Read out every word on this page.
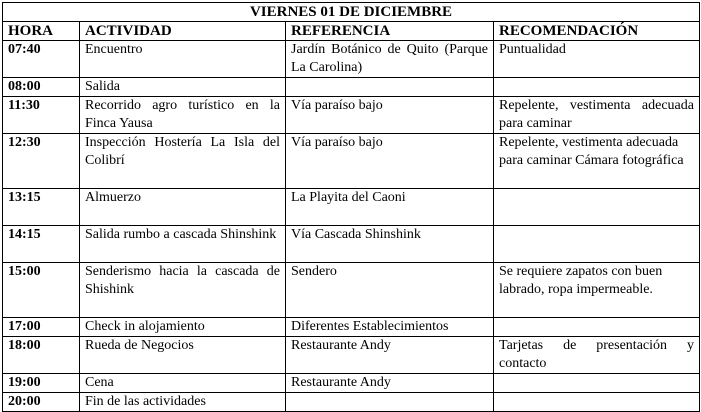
VIERNES 01 DE DICIEMBRE			
HORA	ACTIVIDAD	REFERENCIA	RECOMENDACIÓN
07:40	Encuentro	Jardín Botánico de Quito (Parque La Carolina)	Puntualidad
08:00	Salida		
11:30	Recorrido agro turístico en la Finca Yausa	Vía paraíso bajo	Repelente, vestimenta adecuada para caminar
12:30	Inspección Hostería La Isla del Colibrí	Vía paraíso bajo	Repelente, vestimenta adecuada para caminar Cámara fotográfica
13:15	Almuerzo	La Playita del Caoni	
14:15	Salida rumbo a cascada Shinshink	Vía Cascada Shinshink	
15:00	Senderismo hacia la cascada de Shishink	Sendero	Se requiere zapatos con buen labrado, ropa impermeable.
17:00	Check in alojamiento	Diferentes Establecimientos	
18:00	Rueda de Negocios	Restaurante Andy	Tarjetas de presentación y contacto
19:00	Cena	Restaurante Andy	
20:00	Fin de las actividades		
